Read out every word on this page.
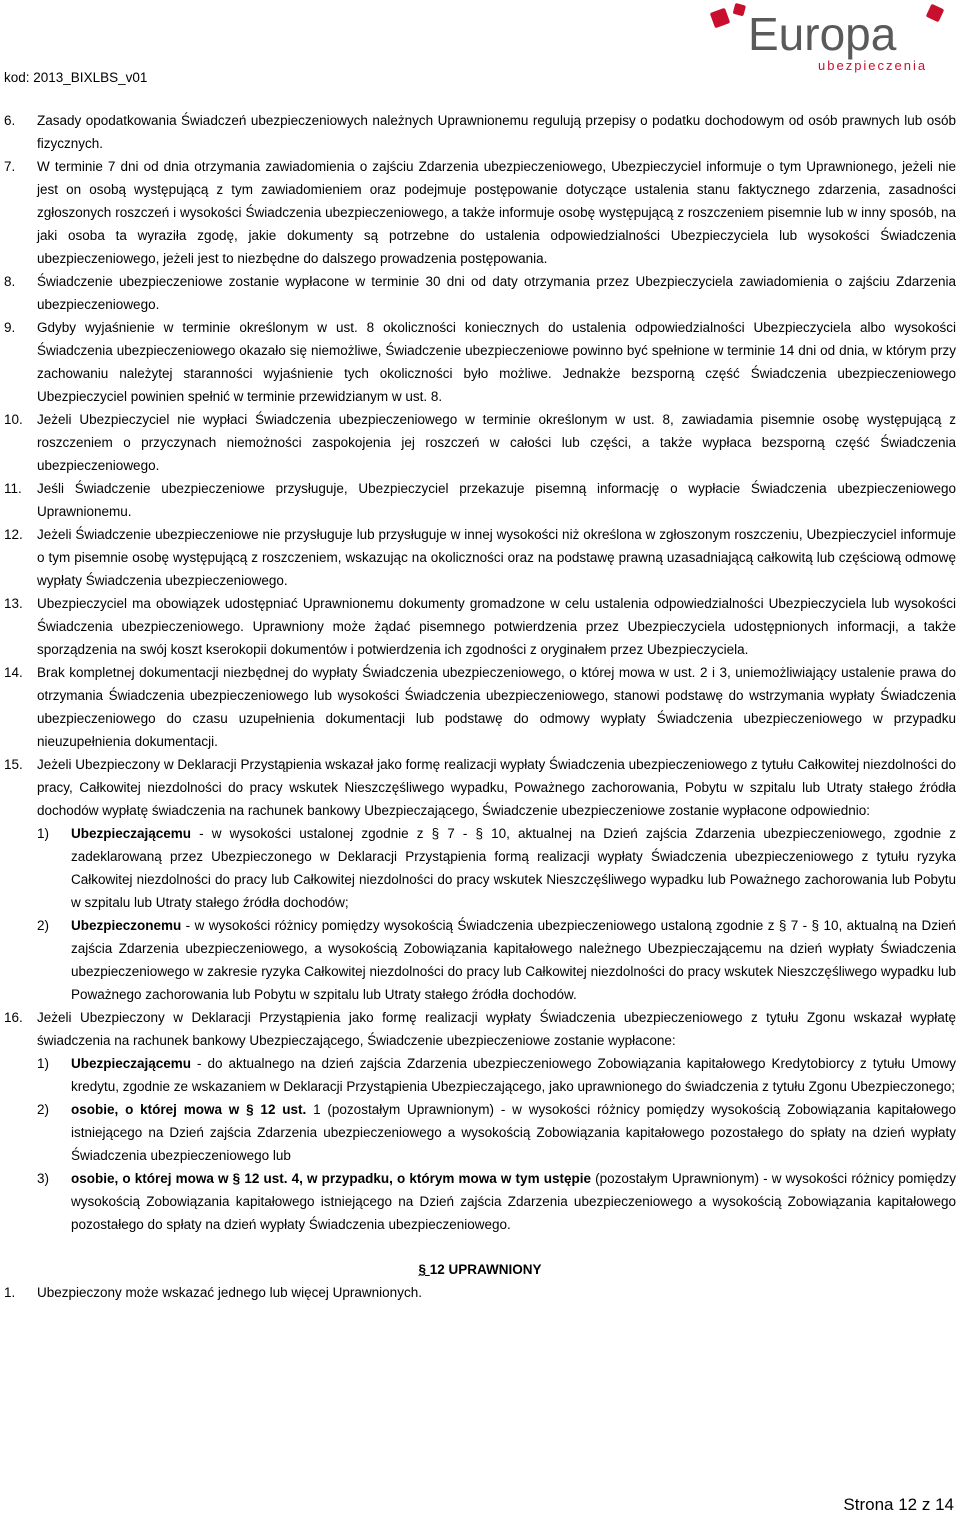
kod: 2013_BIXLBS_v01
Europa
ubezpieczenia
6.	Zasady opodatkowania Świadczeń ubezpieczeniowych należnych Uprawnionemu regulują przepisy o podatku dochodowym od osób prawnych lub osób fizycznych.
7.	W terminie 7 dni od dnia otrzymania zawiadomienia o zajściu Zdarzenia ubezpieczeniowego, Ubezpieczyciel informuje o tym Uprawnionego, jeżeli nie jest on osobą występującą z tym zawiadomieniem oraz podejmuje postępowanie dotyczące ustalenia stanu faktycznego zdarzenia, zasadności zgłoszonych roszczeń i wysokości Świadczenia ubezpieczeniowego, a także informuje osobę występującą z roszczeniem pisemnie lub w inny sposób, na jaki osoba ta wyraziła zgodę, jakie dokumenty są potrzebne do ustalenia odpowiedzialności Ubezpieczyciela lub wysokości Świadczenia ubezpieczeniowego, jeżeli jest to niezbędne do dalszego prowadzenia postępowania.
8.	Świadczenie ubezpieczeniowe zostanie wypłacone w terminie 30 dni od daty otrzymania przez Ubezpieczyciela zawiadomienia o zajściu Zdarzenia ubezpieczeniowego.
9.	Gdyby wyjaśnienie w terminie określonym w ust. 8 okoliczności koniecznych do ustalenia odpowiedzialności Ubezpieczyciela albo wysokości Świadczenia ubezpieczeniowego okazało się niemożliwe, Świadczenie ubezpieczeniowe powinno być spełnione w terminie 14 dni od dnia, w którym przy zachowaniu należytej staranności wyjaśnienie tych okoliczności było możliwe. Jednakże bezsporną część Świadczenia ubezpieczeniowego Ubezpieczyciel powinien spełnić w terminie przewidzianym w ust. 8.
10.	Jeżeli Ubezpieczyciel nie wypłaci Świadczenia ubezpieczeniowego w terminie określonym w ust. 8, zawiadamia pisemnie osobę występującą z roszczeniem o przyczynach niemożności zaspokojenia jej roszczeń w całości lub części, a także wypłaca bezsporną część Świadczenia ubezpieczeniowego.
11.	Jeśli Świadczenie ubezpieczeniowe przysługuje, Ubezpieczyciel przekazuje pisemną informację o wypłacie Świadczenia ubezpieczeniowego Uprawnionemu.
12.	Jeżeli Świadczenie ubezpieczeniowe nie przysługuje lub przysługuje w innej wysokości niż określona w zgłoszonym roszczeniu, Ubezpieczyciel informuje o tym pisemnie osobę występującą z roszczeniem, wskazując na okoliczności oraz na podstawę prawną uzasadniającą całkowitą lub częściową odmowę wypłaty Świadczenia ubezpieczeniowego.
13.	Ubezpieczyciel ma obowiązek udostępniać Uprawnionemu dokumenty gromadzone w celu ustalenia odpowiedzialności Ubezpieczyciela lub wysokości Świadczenia ubezpieczeniowego. Uprawniony może żądać pisemnego potwierdzenia przez Ubezpieczyciela udostępnionych informacji, a także sporządzenia na swój koszt kserokopii dokumentów i potwierdzenia ich zgodności z oryginałem przez Ubezpieczyciela.
14.	Brak kompletnej dokumentacji niezbędnej do wypłaty Świadczenia ubezpieczeniowego, o której mowa w ust. 2 i 3, uniemożliwiający ustalenie prawa do otrzymania Świadczenia ubezpieczeniowego lub wysokości Świadczenia ubezpieczeniowego, stanowi podstawę do wstrzymania wypłaty Świadczenia ubezpieczeniowego do czasu uzupełnienia dokumentacji lub podstawę do odmowy wypłaty Świadczenia ubezpieczeniowego w przypadku nieuzupełnienia dokumentacji.
15.	Jeżeli Ubezpieczony w Deklaracji Przystąpienia wskazał jako formę realizacji wypłaty Świadczenia ubezpieczeniowego z tytułu Całkowitej niezdolności do pracy, Całkowitej niezdolności do pracy wskutek Nieszczęśliwego wypadku, Poważnego zachorowania, Pobytu w szpitalu lub Utraty stałego źródła dochodów wypłatę świadczenia na rachunek bankowy Ubezpieczającego, Świadczenie ubezpieczeniowe zostanie wypłacone odpowiednio:
1)	Ubezpieczającemu - w wysokości ustalonej zgodnie z § 7 - § 10, aktualnej na Dzień zajścia Zdarzenia ubezpieczeniowego, zgodnie z zadeklarowaną przez Ubezpieczonego w Deklaracji Przystąpienia formą realizacji wypłaty Świadczenia ubezpieczeniowego z tytułu ryzyka Całkowitej niezdolności do pracy lub Całkowitej niezdolności do pracy wskutek Nieszczęśliwego wypadku lub Poważnego zachorowania lub Pobytu w szpitalu lub Utraty stałego źródła dochodów;
2)	Ubezpieczonemu - w wysokości różnicy pomiędzy wysokością Świadczenia ubezpieczeniowego ustaloną zgodnie z § 7 - § 10, aktualną na Dzień zajścia Zdarzenia ubezpieczeniowego, a wysokością Zobowiązania kapitałowego należnego Ubezpieczającemu na dzień wypłaty Świadczenia ubezpieczeniowego w zakresie ryzyka Całkowitej niezdolności do pracy lub Całkowitej niezdolności do pracy wskutek Nieszczęśliwego wypadku lub Poważnego zachorowania lub Pobytu w szpitalu lub Utraty stałego źródła dochodów.
16.	Jeżeli Ubezpieczony w Deklaracji Przystąpienia jako formę realizacji wypłaty Świadczenia ubezpieczeniowego z tytułu Zgonu wskazał wypłatę świadczenia na rachunek bankowy Ubezpieczającego, Świadczenie ubezpieczeniowe zostanie wypłacone:
1)	Ubezpieczającemu - do aktualnego na dzień zajścia Zdarzenia ubezpieczeniowego Zobowiązania kapitałowego Kredytobiorcy z tytułu Umowy kredytu, zgodnie ze wskazaniem w Deklaracji Przystąpienia Ubezpieczającego, jako uprawnionego do świadczenia z tytułu Zgonu Ubezpieczonego;
2)	osobie, o której mowa w § 12 ust. 1 (pozostałym Uprawnionym) - w wysokości różnicy pomiędzy wysokością Zobowiązania kapitałowego istniejącego na Dzień zajścia Zdarzenia ubezpieczeniowego a wysokością Zobowiązania kapitałowego pozostałego do spłaty na dzień wypłaty Świadczenia ubezpieczeniowego lub
3)	osobie, o której mowa w § 12 ust. 4, w przypadku, o którym mowa w tym ustępie (pozostałym Uprawnionym) - w wysokości różnicy pomiędzy wysokością Zobowiązania kapitałowego istniejącego na Dzień zajścia Zdarzenia ubezpieczeniowego a wysokością Zobowiązania kapitałowego pozostałego do spłaty na dzień wypłaty Świadczenia ubezpieczeniowego.
§ 12 UPRAWNIONY
1.	Ubezpieczony może wskazać jednego lub więcej Uprawnionych.
Strona 12 z 14
